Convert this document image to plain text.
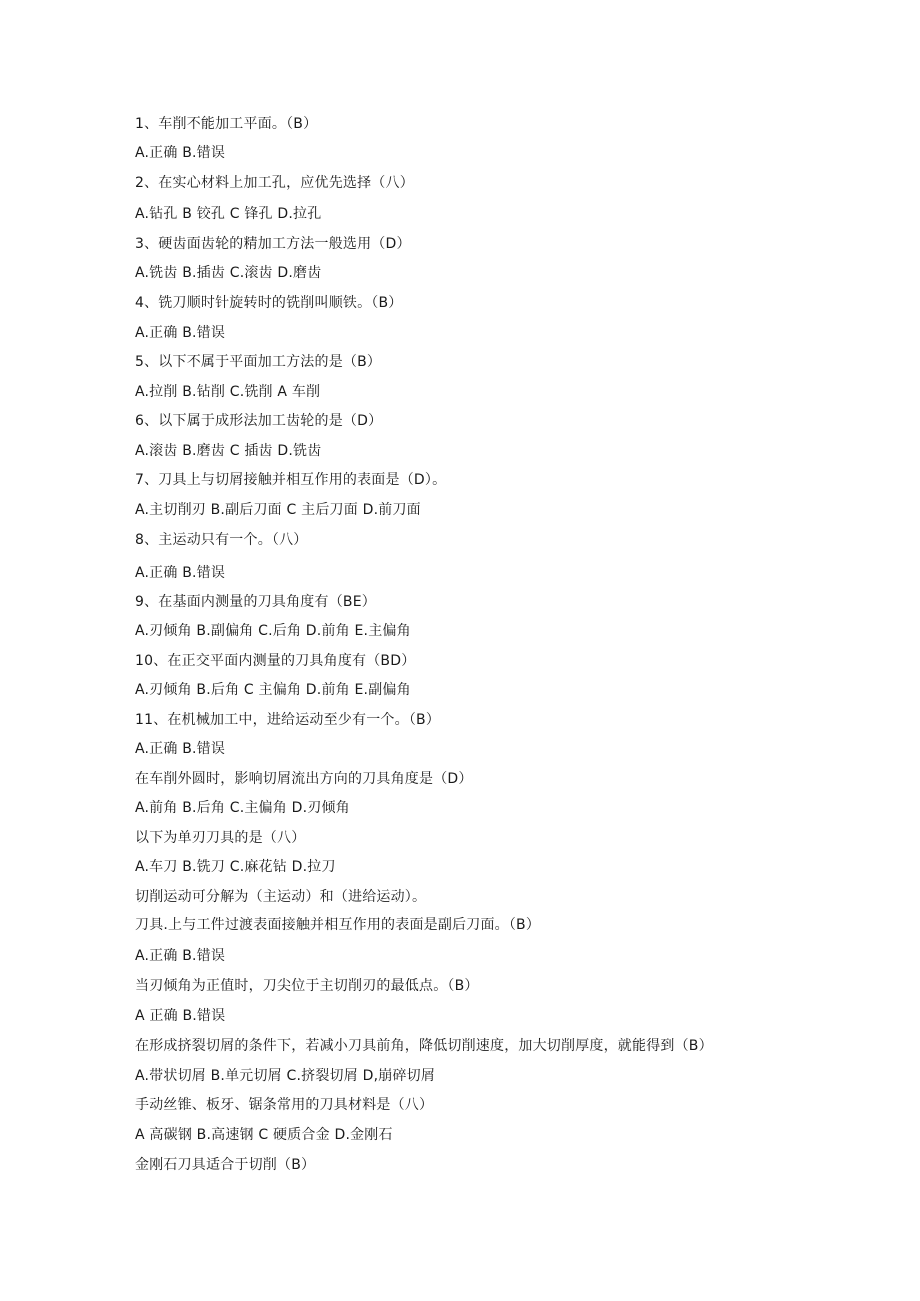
1、车削不能加工平面。（B）
A.正确 B.错误
2、在实心材料上加工孔，应优先选择（八）
A.钻孔 B 铰孔 C 锋孔 D.拉孔
3、硬齿面齿轮的精加工方法一般选用（D）
A.铣齿 B.插齿 C.滚齿 D.磨齿
4、铣刀顺时针旋转时的铣削叫顺铁。（B）
A.正确 B.错误
5、以下不属于平面加工方法的是（B）
A.拉削 B.钻削 C.铣削 A 车削
6、以下属于成形法加工齿轮的是（D）
A.滚齿 B.磨齿 C 插齿 D.铣齿
7、刀具上与切屑接触并相互作用的表面是（D）。
A.主切削刃 B.副后刀面 C 主后刀面 D.前刀面
8、主运动只有一个。（八）
A.正确 B.错误
9、在基面内测量的刀具角度有（BE）
A.刃倾角 B.副偏角 C.后角 D.前角 E.主偏角
10、在正交平面内测量的刀具角度有（BD）
A.刃倾角 B.后角 C 主偏角 D.前角 E.副偏角
11、在机械加工中，进给运动至少有一个。（B）
A.正确 B.错误
在车削外圆时，影响切屑流出方向的刀具角度是（D）
A.前角 B.后角 C.主偏角 D.刃倾角
以下为单刃刀具的是（八）
A.车刀 B.铣刀 C.麻花钻 D.拉刀
切削运动可分解为（主运动）和（进给运动）。
刀具.上与工件过渡表面接触并相互作用的表面是副后刀面。（B）
A.正确 B.错误
当刃倾角为正值时，刀尖位于主切削刃的最低点。（B）
A 正确 B.错误
在形成挤裂切屑的条件下，若减小刀具前角，降低切削速度，加大切削厚度，就能得到（B）
A.带状切屑 B.单元切屑 C.挤裂切屑 D,崩碎切屑
手动丝锥、板牙、锯条常用的刀具材料是（八）
A 高碳钢 B.高速钢 C 硬质合金 D.金刚石
金刚石刀具适合于切削（B）
